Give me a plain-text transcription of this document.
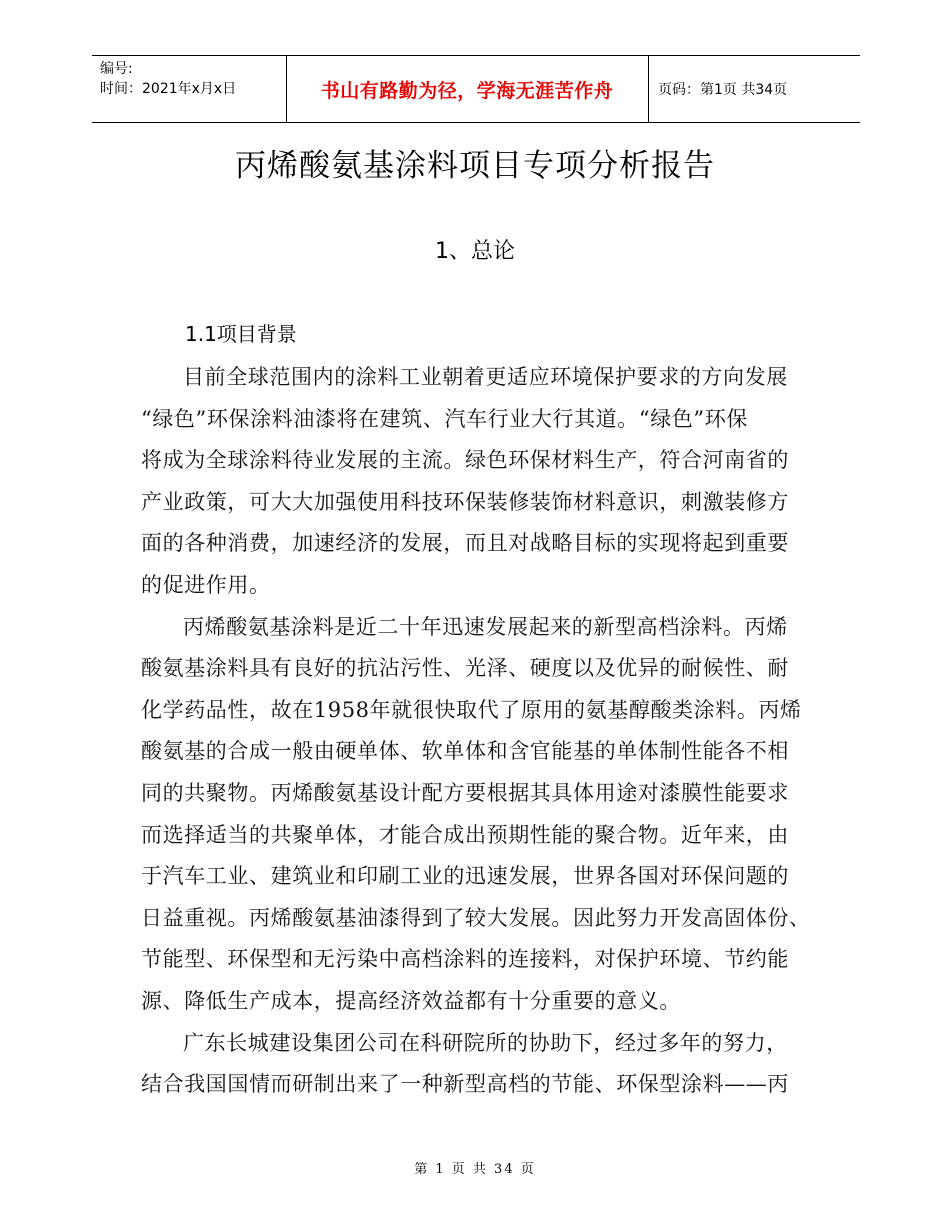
编号:
时间：2021年x月x日	书山有路勤为径，学海无涯苦作舟	页码：第1页 共34页
丙烯酸氨基涂料项目专项分析报告
1、总论
1.1项目背景
目前全球范围内的涂料工业朝着更适应环境保护要求的方向发展
“绿色”环保涂料油漆将在建筑、汽车行业大行其道。“绿色”环保
将成为全球涂料待业发展的主流。绿色环保材料生产，符合河南省的
产业政策，可大大加强使用科技环保装修装饰材料意识，刺激装修方
面的各种消费，加速经济的发展，而且对战略目标的实现将起到重要
的促进作用。
丙烯酸氨基涂料是近二十年迅速发展起来的新型高档涂料。丙烯
酸氨基涂料具有良好的抗沾污性、光泽、硬度以及优异的耐候性、耐
化学药品性，故在1958年就很快取代了原用的氨基醇酸类涂料。丙烯
酸氨基的合成一般由硬单体、软单体和含官能基的单体制性能各不相
同的共聚物。丙烯酸氨基设计配方要根据其具体用途对漆膜性能要求
而选择适当的共聚单体，才能合成出预期性能的聚合物。近年来，由
于汽车工业、建筑业和印刷工业的迅速发展，世界各国对环保问题的
日益重视。丙烯酸氨基油漆得到了较大发展。因此努力开发高固体份、
节能型、环保型和无污染中高档涂料的连接料，对保护环境、节约能
源、降低生产成本，提高经济效益都有十分重要的意义。
广东长城建设集团公司在科研院所的协助下，经过多年的努力，
结合我国国情而研制出来了一种新型高档的节能、环保型涂料——丙
第 1 页 共 34 页
